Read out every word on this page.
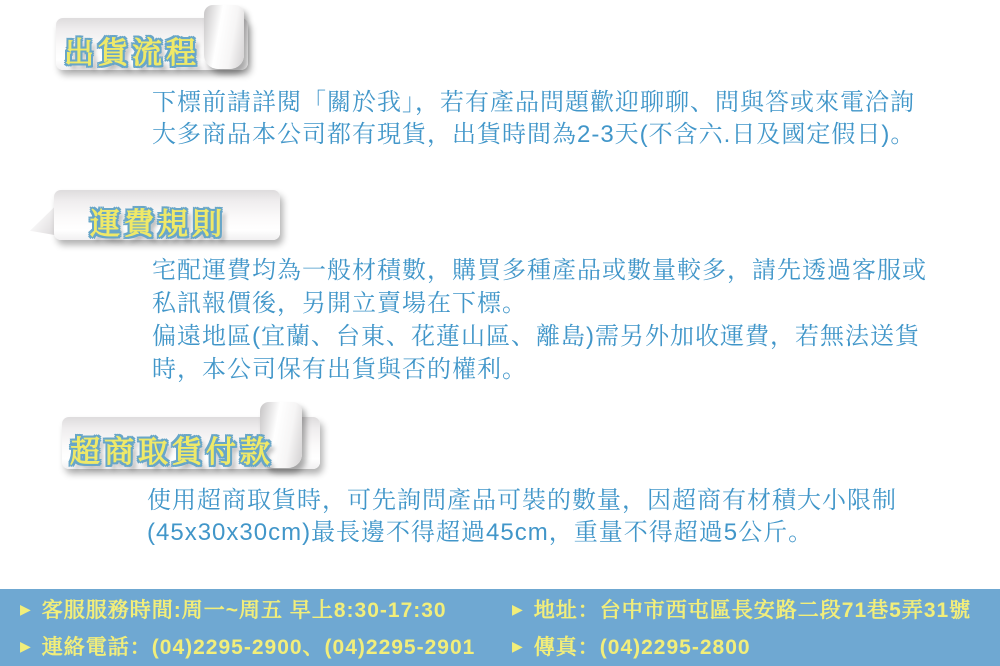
出貨流程
下標前請詳閱「關於我」，若有產品問題歡迎聊聊、問與答或來電洽詢
大多商品本公司都有現貨，出貨時間為2-3天(不含六.日及國定假日)。
運費規則
宅配運費均為一般材積數，購買多種產品或數量較多，請先透過客服或
私訊報價後，另開立賣場在下標。
偏遠地區(宜蘭、台東、花蓮山區、離島)需另外加收運費，若無法送貨
時，本公司保有出貨與否的權利。
超商取貨付款
使用超商取貨時，可先詢問產品可裝的數量，因超商有材積大小限制
(45x30x30cm)最長邊不得超過45cm，重量不得超過5公斤。
▶ 客服服務時間:周一~周五 早上8:30-17:30
▶ 連絡電話：(04)2295-2900、(04)2295-2901
▶ 地址：台中市西屯區長安路二段71巷5弄31號
▶ 傳真：(04)2295-2800
